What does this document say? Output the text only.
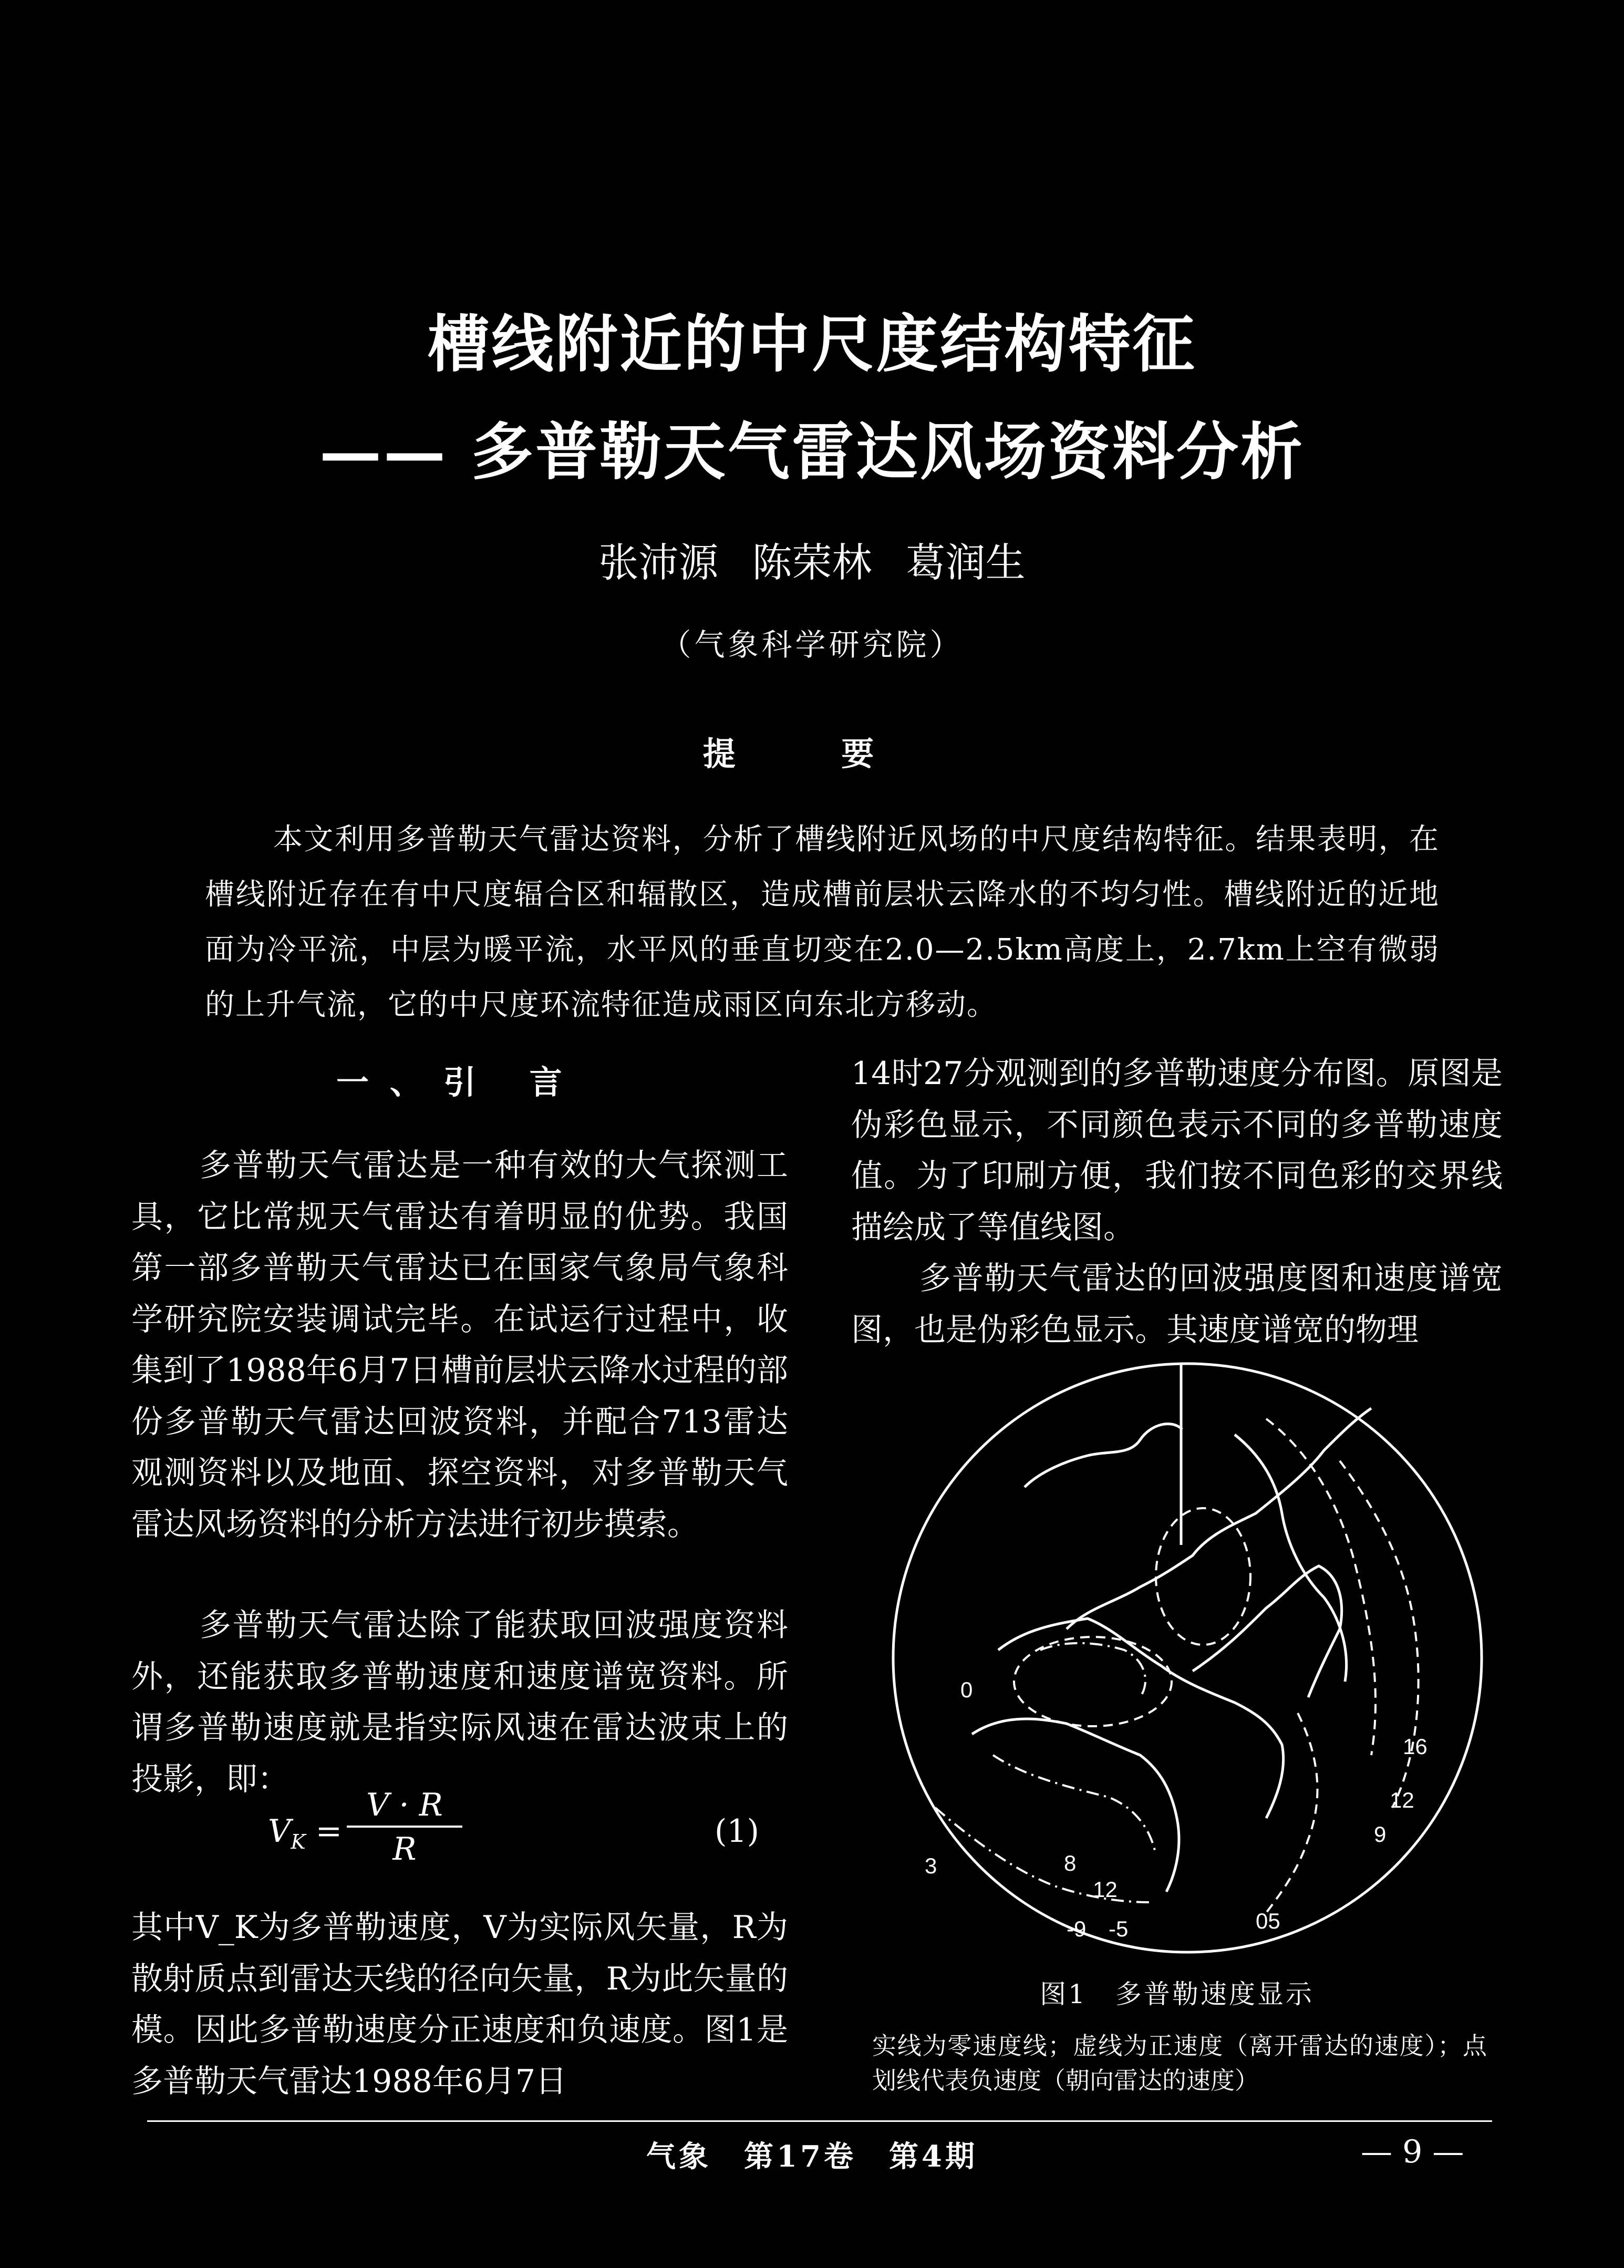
槽线附近的中尺度结构特征
—— 多普勒天气雷达风场资料分析
张沛源 陈荣林 葛润生
（气象科学研究院）
提 要

本文利用多普勒天气雷达资料，分析了槽线附近风场的中尺度结构特征。结果表明，在槽线附近存在有中尺度辐合区和辐散区，造成槽前层状云降水的不均匀性。槽线附近的近地面为冷平流，中层为暖平流，水平风的垂直切变在2.0—2.5km高度上，2.7km上空有微弱的上升气流，它的中尺度环流特征造成雨区向东北方移动。

一、引 言

多普勒天气雷达是一种有效的大气探测工具，它比常规天气雷达有着明显的优势。我国第一部多普勒天气雷达已在国家气象局气象科学研究院安装调试完毕。在试运行过程中，收集到了1988年6月7日槽前层状云降水过程的部份多普勒天气雷达回波资料，并配合713雷达观测资料以及地面、探空资料，对多普勒天气雷达风场资料的分析方法进行初步摸索。

多普勒天气雷达除了能获取回波强度资料外，还能获取多普勒速度和速度谱宽资料。所谓多普勒速度就是指实际风速在雷达波束上的投影，即：

$V_K = \frac{V \cdot R}{R}$	(1)

其中V_K为多普勒速度，V为实际风矢量，R为散射质点到雷达天线的径向矢量，R为此矢量的模。因此多普勒速度分正速度和负速度。图1是多普勒天气雷达1988年6月7日

14时27分观测到的多普勒速度分布图。原图是伪彩色显示，不同颜色表示不同的多普勒速度值。为了印刷方便，我们按不同色彩的交界线描绘成了等值线图。

多普勒天气雷达的回波强度图和速度谱宽图，也是伪彩色显示。其速度谱宽的物理

0
16
12
9
3	8
12
-9 -5	05
图1　多普勒速度显示
实线为零速度线；虚线为正速度（离开雷达的速度）；点划线代表负速度（朝向雷达的速度）
气象　第17卷　第4期	— 9 —
